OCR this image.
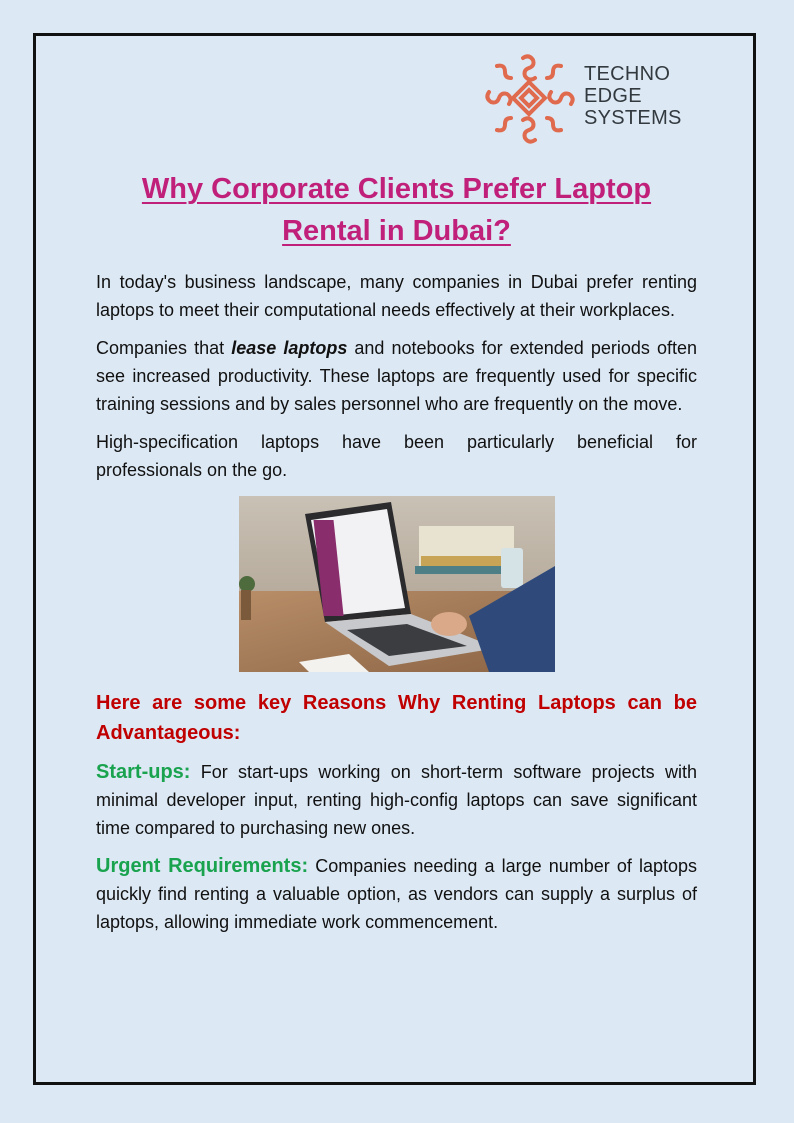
TECHNO
EDGE
SYSTEMS
Why Corporate Clients Prefer Laptop Rental in Dubai?

In today's business landscape, many companies in Dubai prefer renting laptops to meet their computational needs effectively at their workplaces.

Companies that lease laptops and notebooks for extended periods often see increased productivity. These laptops are frequently used for specific training sessions and by sales personnel who are frequently on the move.

High-specification laptops have been particularly beneficial for professionals on the go.

Here are some key Reasons Why Renting Laptops can be Advantageous:

Start-ups: For start-ups working on short-term software projects with minimal developer input, renting high-config laptops can save significant time compared to purchasing new ones.

Urgent Requirements: Companies needing a large number of laptops quickly find renting a valuable option, as vendors can supply a surplus of laptops, allowing immediate work commencement.
